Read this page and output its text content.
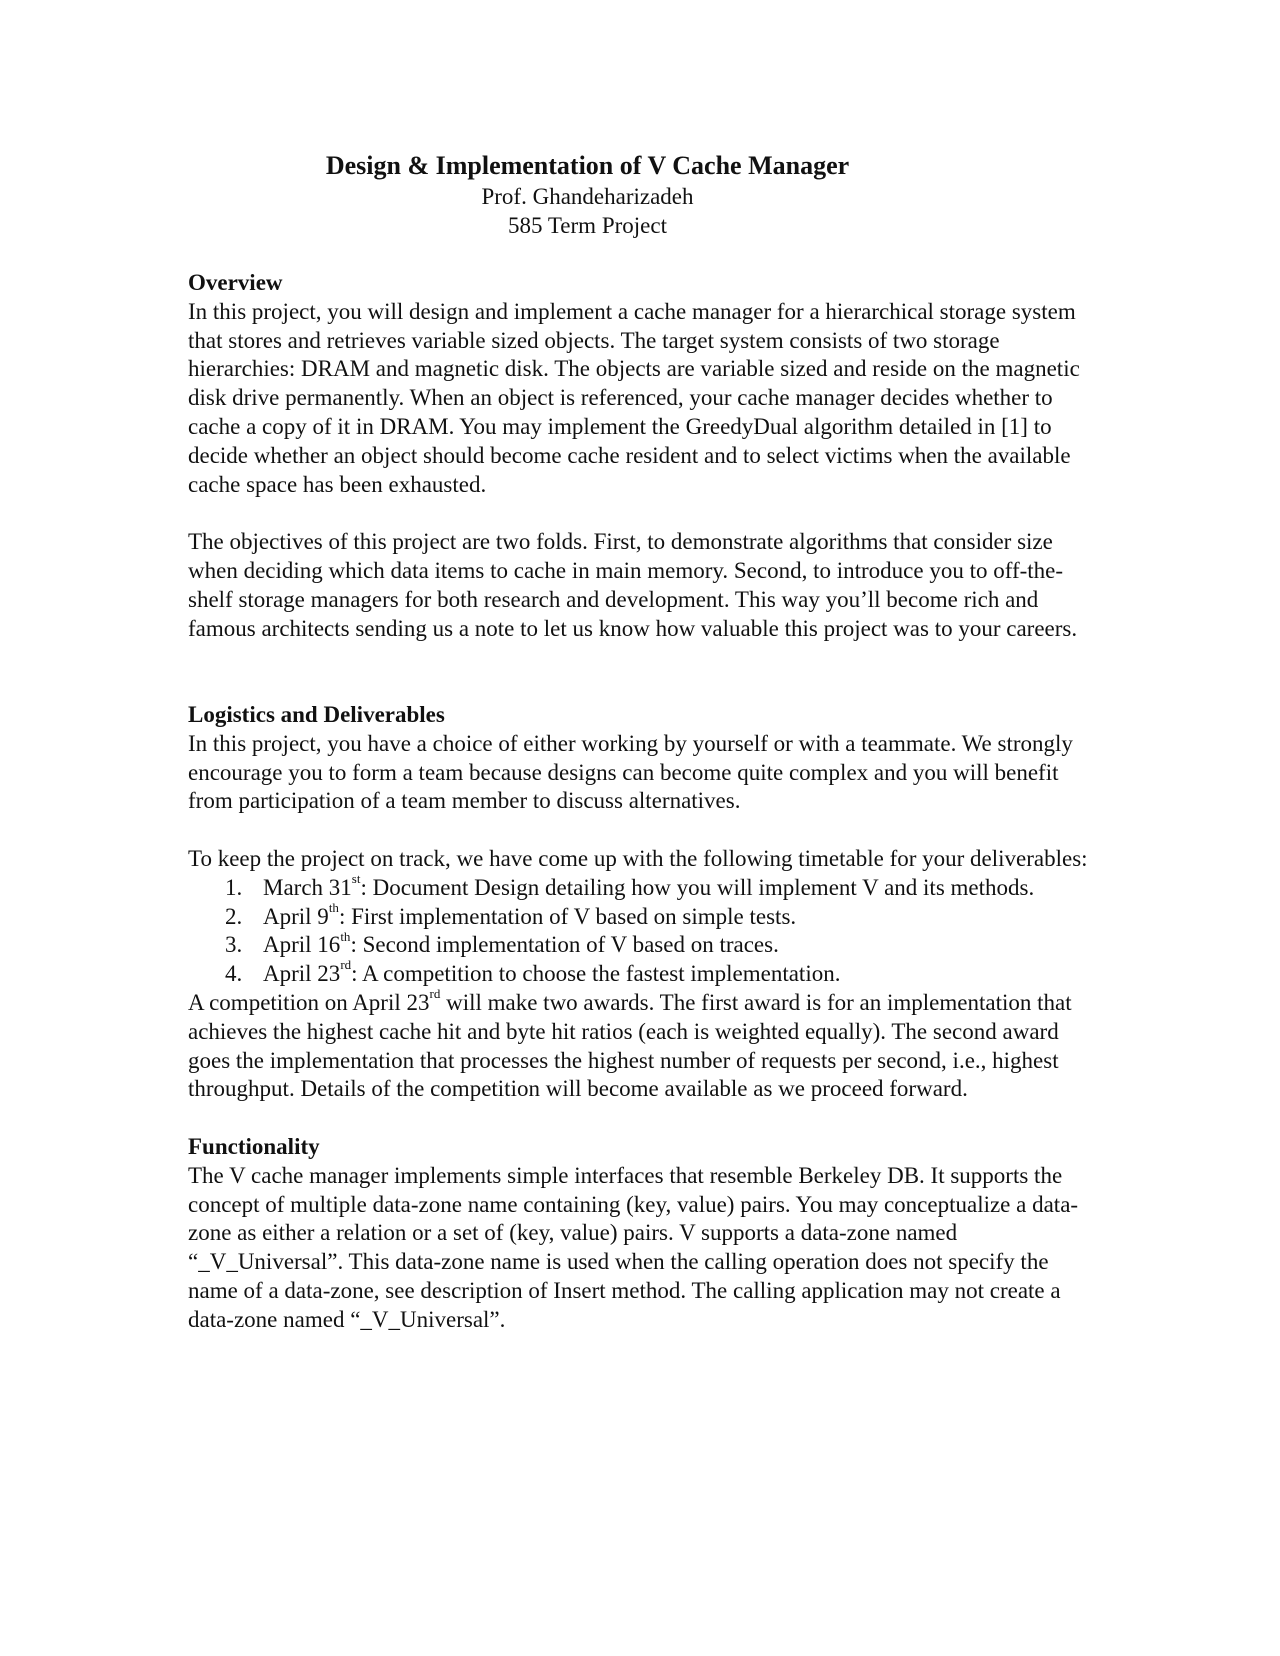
Design & Implementation of V Cache Manager

Prof. Ghandeharizadeh

585 Term Project

Overview

In this project, you will design and implement a cache manager for a hierarchical storage system that stores and retrieves variable sized objects. The target system consists of two storage hierarchies: DRAM and magnetic disk. The objects are variable sized and reside on the magnetic disk drive permanently. When an object is referenced, your cache manager decides whether to cache a copy of it in DRAM. You may implement the GreedyDual algorithm detailed in [1] to decide whether an object should become cache resident and to select victims when the available cache space has been exhausted.

The objectives of this project are two folds. First, to demonstrate algorithms that consider size when deciding which data items to cache in main memory. Second, to introduce you to off-the-shelf storage managers for both research and development. This way you’ll become rich and famous architects sending us a note to let us know how valuable this project was to your careers.

Logistics and Deliverables

In this project, you have a choice of either working by yourself or with a teammate. We strongly encourage you to form a team because designs can become quite complex and you will benefit from participation of a team member to discuss alternatives.

To keep the project on track, we have come up with the following timetable for your deliverables:

1. March 31st: Document Design detailing how you will implement V and its methods.
2. April 9th: First implementation of V based on simple tests.
3. April 16th: Second implementation of V based on traces.
4. April 23rd: A competition to choose the fastest implementation.

A competition on April 23rd will make two awards. The first award is for an implementation that achieves the highest cache hit and byte hit ratios (each is weighted equally). The second award goes the implementation that processes the highest number of requests per second, i.e., highest throughput. Details of the competition will become available as we proceed forward.

Functionality

The V cache manager implements simple interfaces that resemble Berkeley DB. It supports the concept of multiple data-zone name containing (key, value) pairs. You may conceptualize a data-zone as either a relation or a set of (key, value) pairs. V supports a data-zone named “_V_Universal”. This data-zone name is used when the calling operation does not specify the name of a data-zone, see description of Insert method. The calling application may not create a data-zone named “_V_Universal”.
